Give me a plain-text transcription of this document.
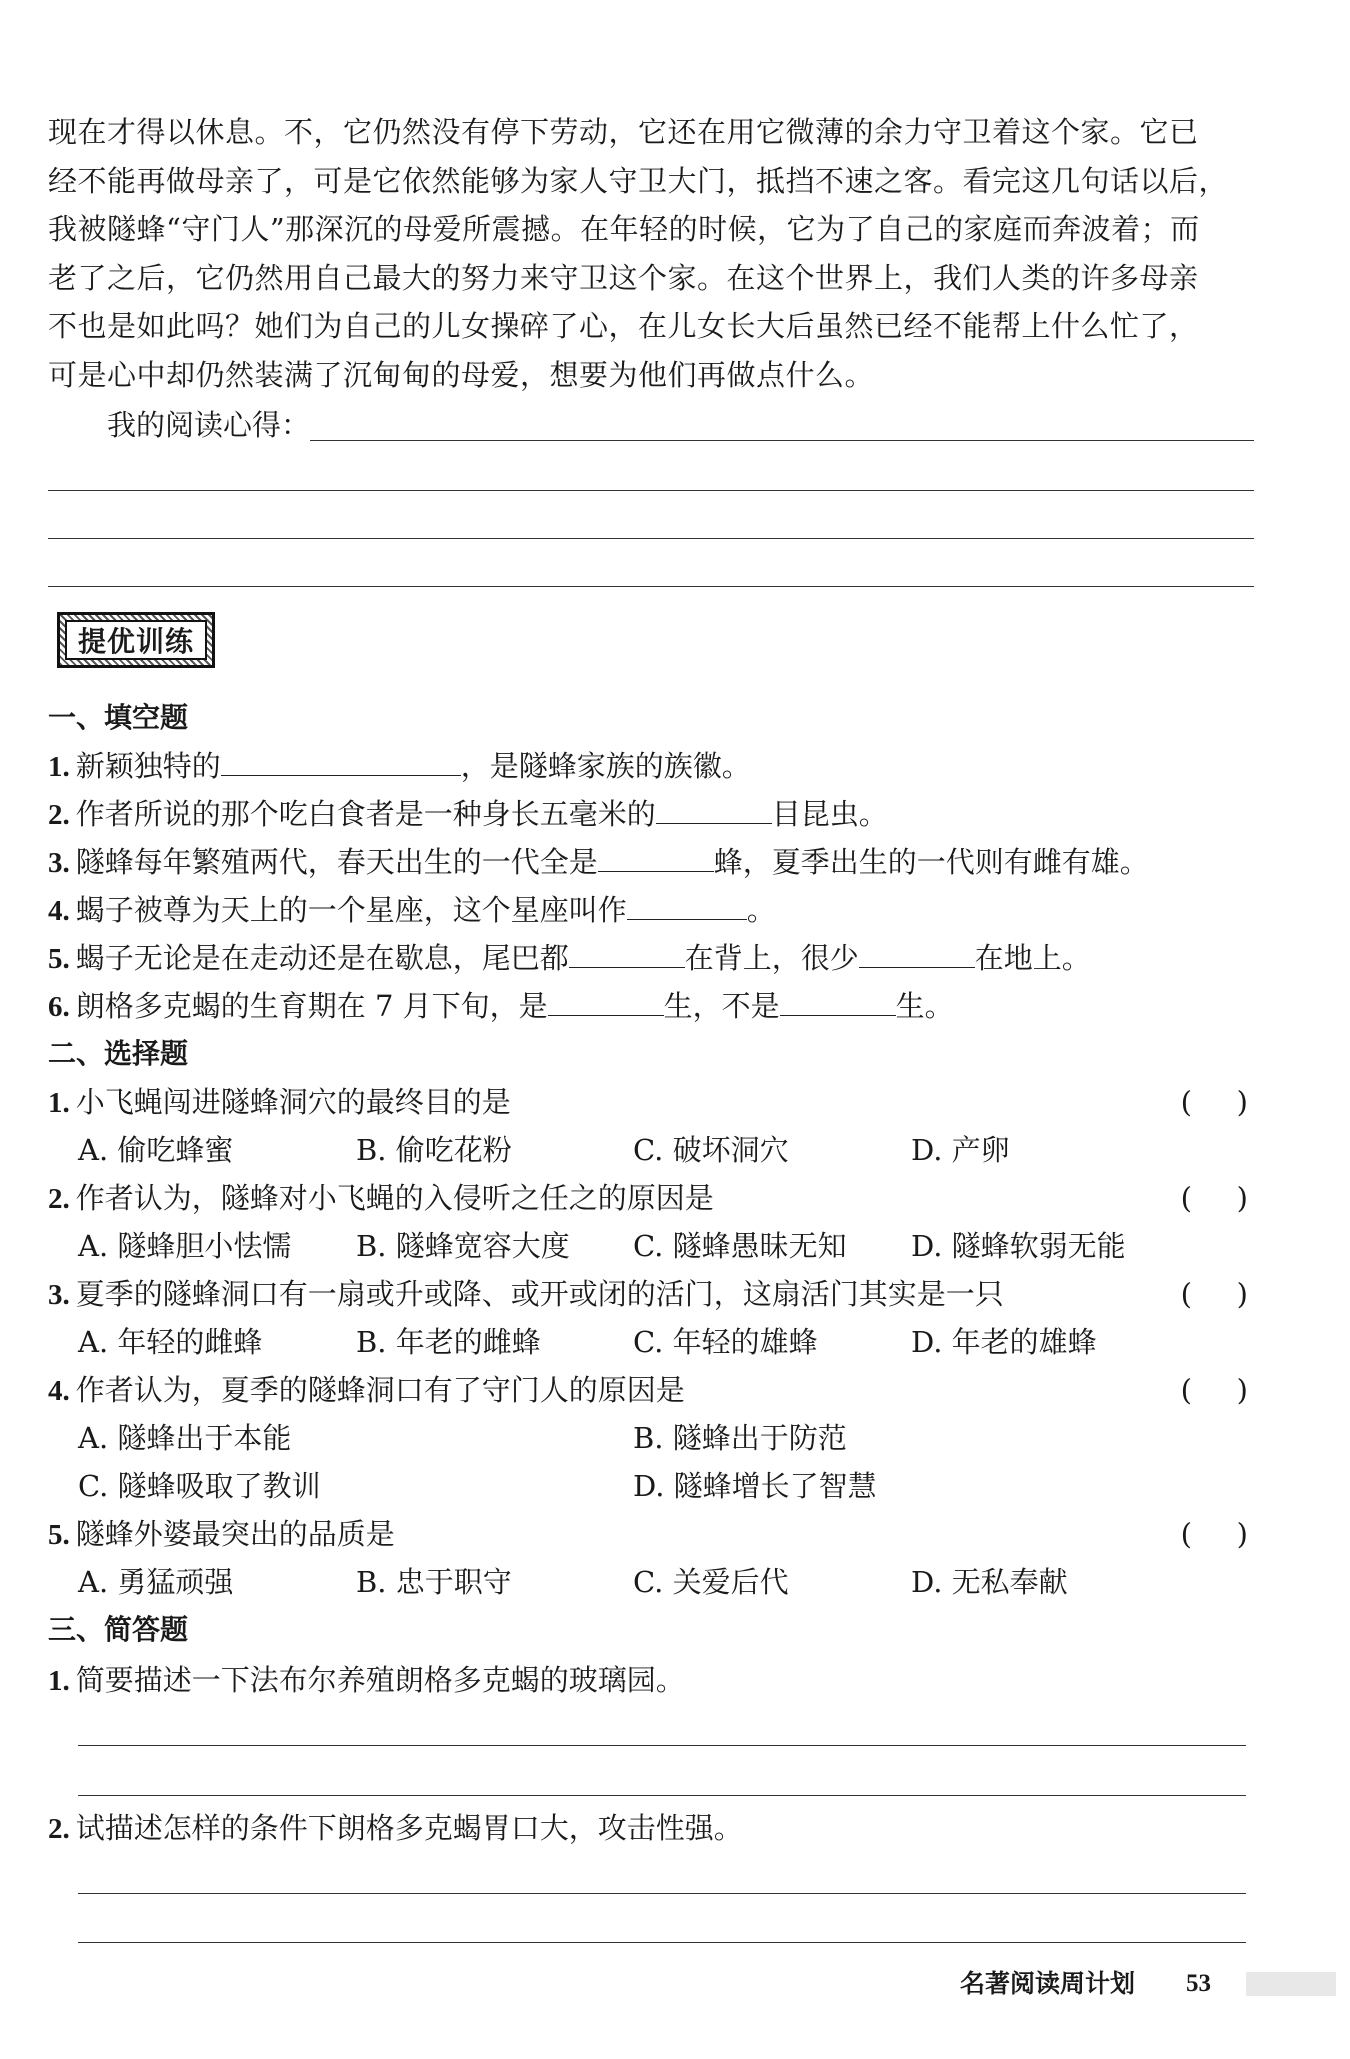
现在才得以休息。不，它仍然没有停下劳动，它还在用它微薄的余力守卫着这个家。它已
经不能再做母亲了，可是它依然能够为家人守卫大门，抵挡不速之客。看完这几句话以后，
我被隧蜂“守门人”那深沉的母爱所震撼。在年轻的时候，它为了自己的家庭而奔波着；而
老了之后，它仍然用自己最大的努力来守卫这个家。在这个世界上，我们人类的许多母亲
不也是如此吗？她们为自己的儿女操碎了心，在儿女长大后虽然已经不能帮上什么忙了，
可是心中却仍然装满了沉甸甸的母爱，想要为他们再做点什么。
我的阅读心得：
提优训练
一、填空题
1. 新颖独特的	，是隧蜂家族的族徽。
2. 作者所说的那个吃白食者是一种身长五毫米的	目昆虫。
3. 隧蜂每年繁殖两代，春天出生的一代全是	蜂，夏季出生的一代则有雌有雄。
4. 蝎子被尊为天上的一个星座，这个星座叫作	。
5. 蝎子无论是在走动还是在歇息，尾巴都	在背上，很少	在地上。
6. 朗格多克蝎的生育期在 7 月下旬，是	生，不是	生。
二、选择题
1. 小飞蝇闯进隧蜂洞穴的最终目的是	( )
A. 偷吃蜂蜜	B. 偷吃花粉	C. 破坏洞穴	D. 产卵
2. 作者认为，隧蜂对小飞蝇的入侵听之任之的原因是	( )
A. 隧蜂胆小怯懦 B. 隧蜂宽容大度 C. 隧蜂愚昧无知 D. 隧蜂软弱无能
3. 夏季的隧蜂洞口有一扇或升或降、或开或闭的活门，这扇活门其实是一只	( )
A. 年轻的雌蜂	B. 年老的雌蜂	C. 年轻的雄蜂	D. 年老的雄蜂
4. 作者认为，夏季的隧蜂洞口有了守门人的原因是	( )
A. 隧蜂出于本能	B. 隧蜂出于防范
C. 隧蜂吸取了教训	D. 隧蜂增长了智慧
5. 隧蜂外婆最突出的品质是	( )
A. 勇猛顽强	B. 忠于职守	C. 关爱后代	D. 无私奉献
三、简答题
1. 简要描述一下法布尔养殖朗格多克蝎的玻璃园。
2. 试描述怎样的条件下朗格多克蝎胃口大，攻击性强。
名著阅读周计划 53
